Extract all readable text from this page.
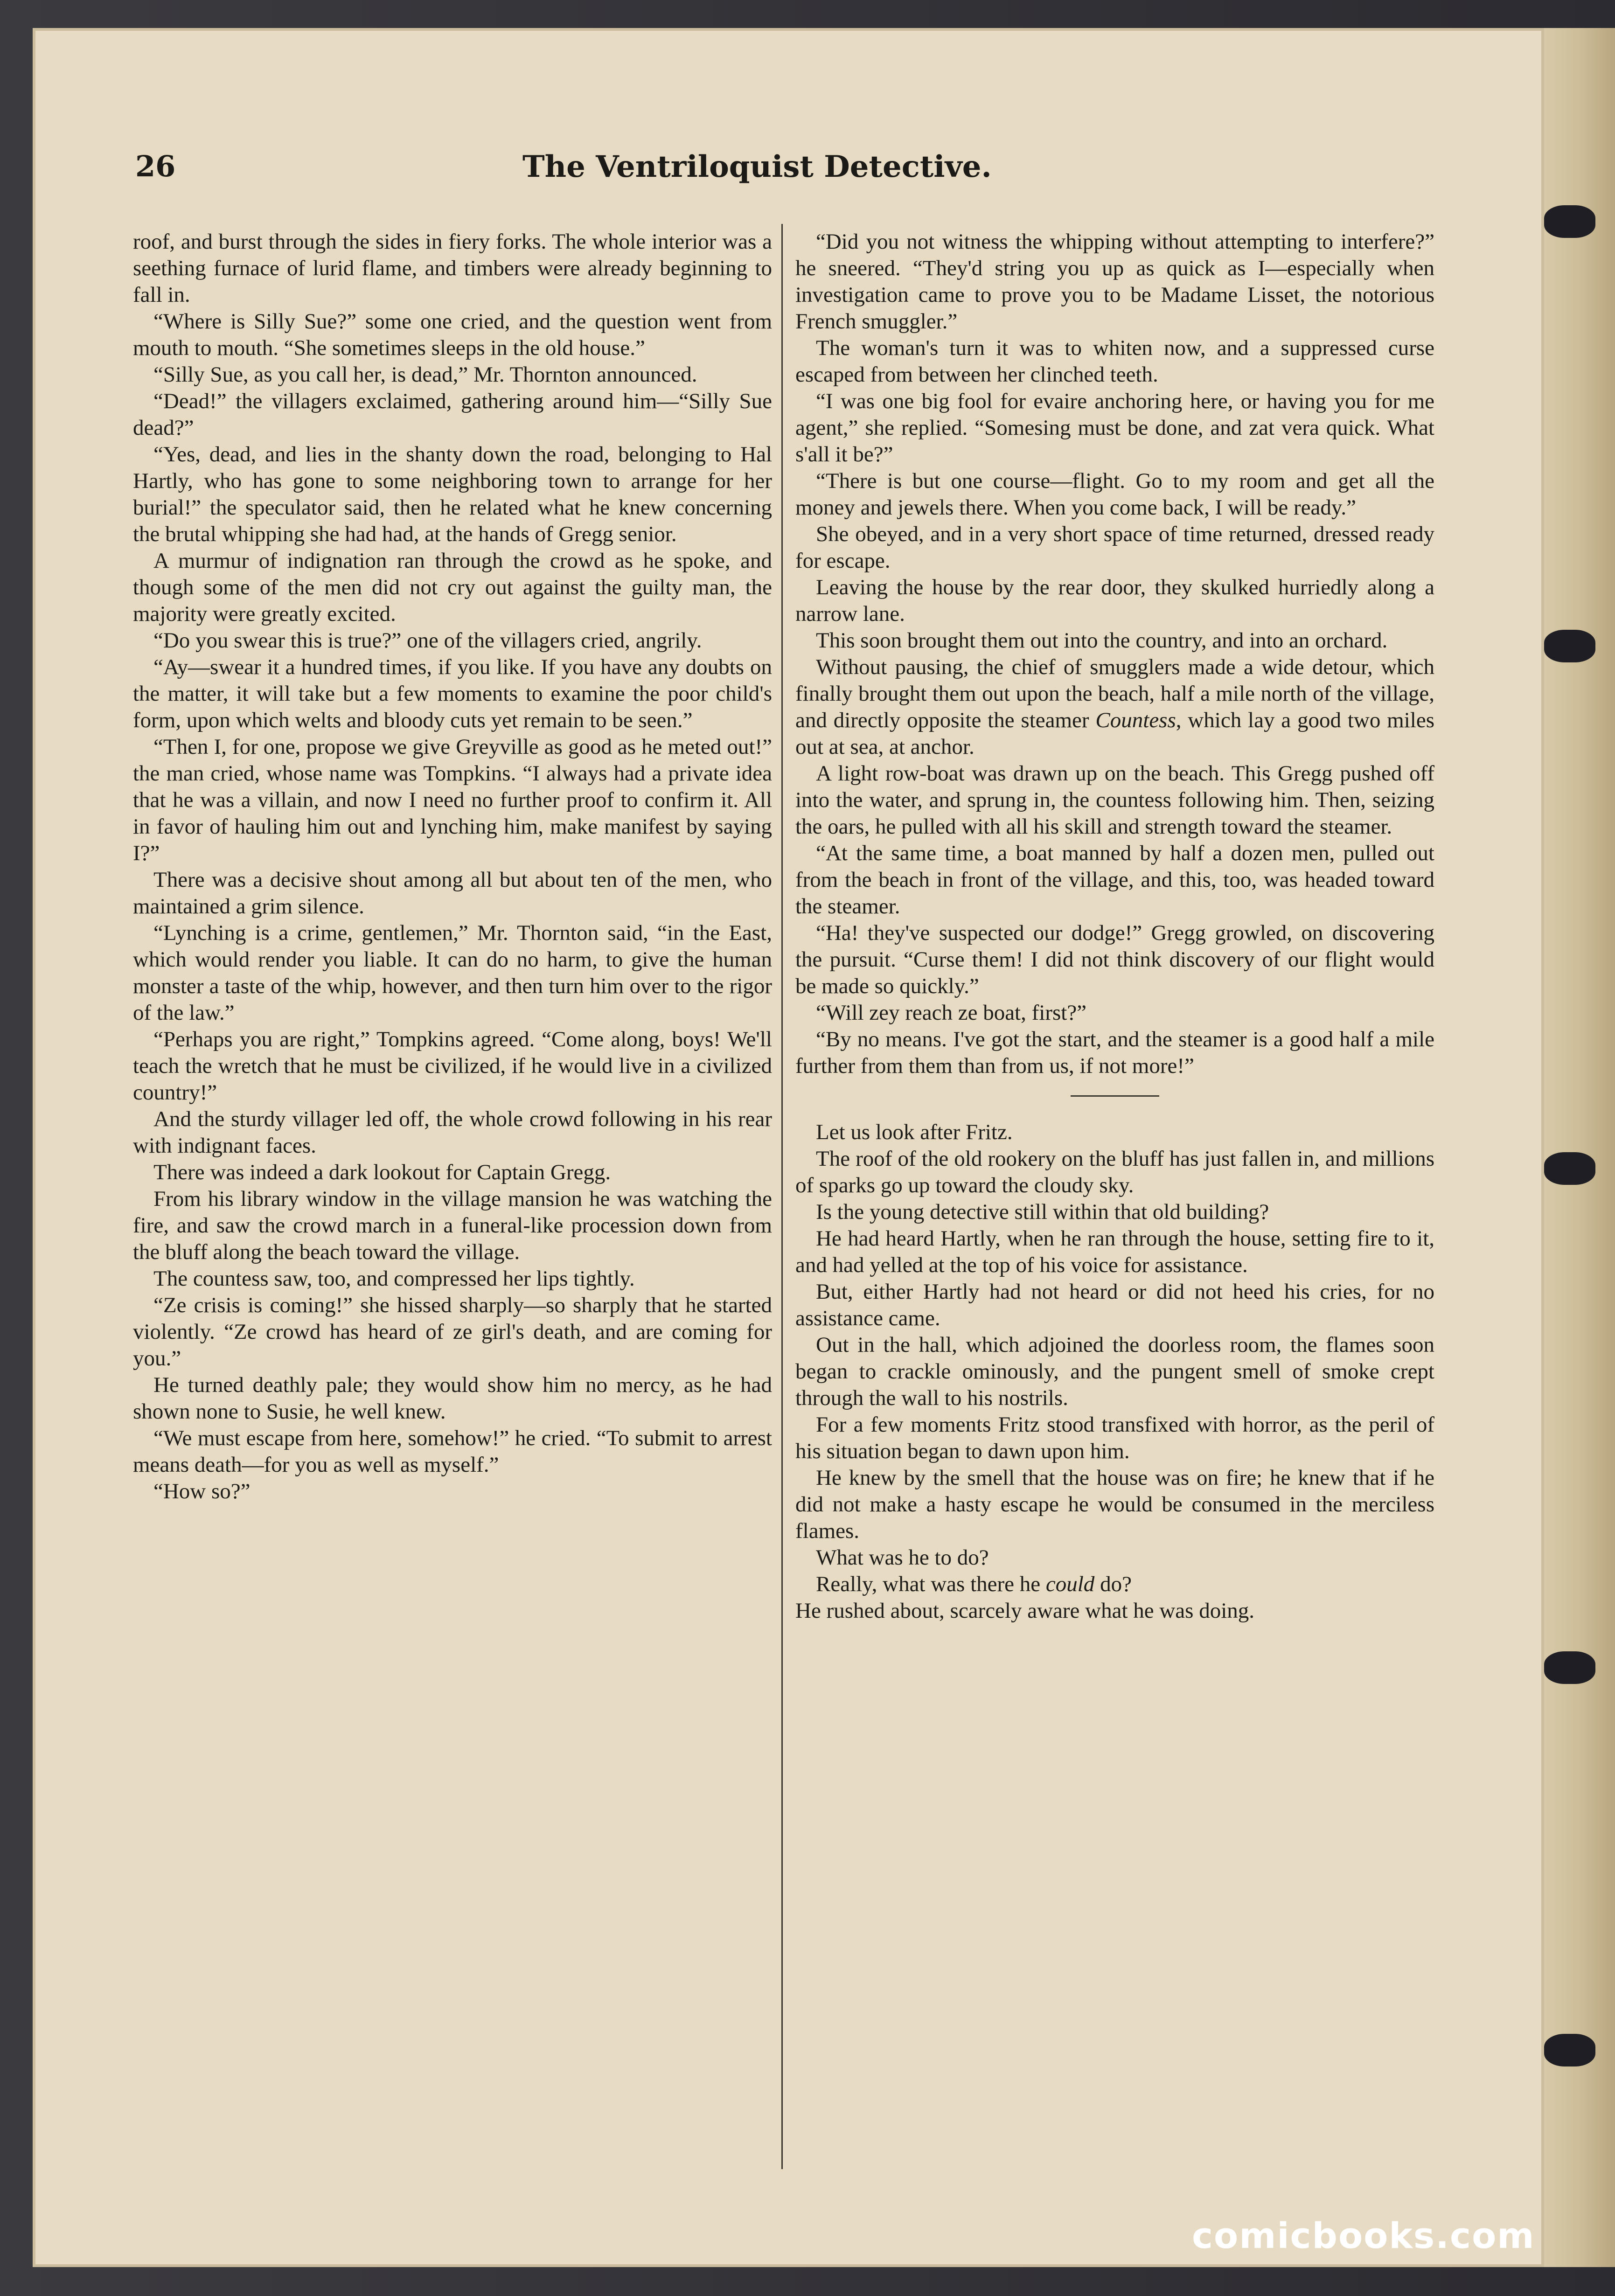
26	The Ventriloquist Detective.

roof, and burst through the sides in fiery forks. The whole interior was a seething furnace of lurid flame, and timbers were already beginning to fall in.

“Where is Silly Sue?” some one cried, and the question went from mouth to mouth. “She sometimes sleeps in the old house.”

“Silly Sue, as you call her, is dead,” Mr. Thornton announced.

“Dead!” the villagers exclaimed, gathering around him—“Silly Sue dead?”

“Yes, dead, and lies in the shanty down the road, belonging to Hal Hartly, who has gone to some neighboring town to arrange for her burial!” the speculator said, then he related what he knew concerning the brutal whipping she had had, at the hands of Gregg senior.

A murmur of indignation ran through the crowd as he spoke, and though some of the men did not cry out against the guilty man, the majority were greatly excited.

“Do you swear this is true?” one of the villagers cried, angrily.

“Ay—swear it a hundred times, if you like. If you have any doubts on the matter, it will take but a few moments to examine the poor child's form, upon which welts and bloody cuts yet remain to be seen.”

“Then I, for one, propose we give Greyville as good as he meted out!” the man cried, whose name was Tompkins. “I always had a private idea that he was a villain, and now I need no further proof to confirm it. All in favor of hauling him out and lynching him, make manifest by saying I?”

There was a decisive shout among all but about ten of the men, who maintained a grim silence.

“Lynching is a crime, gentlemen,” Mr. Thornton said, “in the East, which would render you liable. It can do no harm, to give the human monster a taste of the whip, however, and then turn him over to the rigor of the law.”

“Perhaps you are right,” Tompkins agreed. “Come along, boys! We'll teach the wretch that he must be civilized, if he would live in a civilized country!”

And the sturdy villager led off, the whole crowd following in his rear with indignant faces.

There was indeed a dark lookout for Captain Gregg.

From his library window in the village mansion he was watching the fire, and saw the crowd march in a funeral-like procession down from the bluff along the beach toward the village.

The countess saw, too, and compressed her lips tightly.

“Ze crisis is coming!” she hissed sharply—so sharply that he started violently. “Ze crowd has heard of ze girl's death, and are coming for you.”

He turned deathly pale; they would show him no mercy, as he had shown none to Susie, he well knew.

“We must escape from here, somehow!” he cried. “To submit to arrest means death—for you as well as myself.”

“How so?”

“Did you not witness the whipping without attempting to interfere?” he sneered. “They'd string you up as quick as I—especially when investigation came to prove you to be Madame Lisset, the notorious French smuggler.”

The woman's turn it was to whiten now, and a suppressed curse escaped from between her clinched teeth.

“I was one big fool for evaire anchoring here, or having you for me agent,” she replied. “Somesing must be done, and zat vera quick. What s'all it be?”

“There is but one course—flight. Go to my room and get all the money and jewels there. When you come back, I will be ready.”

She obeyed, and in a very short space of time returned, dressed ready for escape.

Leaving the house by the rear door, they skulked hurriedly along a narrow lane.

This soon brought them out into the country, and into an orchard.

Without pausing, the chief of smugglers made a wide detour, which finally brought them out upon the beach, half a mile north of the village, and directly opposite the steamer Countess, which lay a good two miles out at sea, at anchor.

A light row-boat was drawn up on the beach. This Gregg pushed off into the water, and sprung in, the countess following him. Then, seizing the oars, he pulled with all his skill and strength toward the steamer.

“At the same time, a boat manned by half a dozen men, pulled out from the beach in front of the village, and this, too, was headed toward the steamer.

“Ha! they've suspected our dodge!” Gregg growled, on discovering the pursuit. “Curse them! I did not think discovery of our flight would be made so quickly.”

“Will zey reach ze boat, first?”

“By no means. I've got the start, and the steamer is a good half a mile further from them than from us, if not more!”

Let us look after Fritz.

The roof of the old rookery on the bluff has just fallen in, and millions of sparks go up toward the cloudy sky.

Is the young detective still within that old building?

He had heard Hartly, when he ran through the house, setting fire to it, and had yelled at the top of his voice for assistance.

But, either Hartly had not heard or did not heed his cries, for no assistance came.

Out in the hall, which adjoined the doorless room, the flames soon began to crackle ominously, and the pungent smell of smoke crept through the wall to his nostrils.

For a few moments Fritz stood transfixed with horror, as the peril of his situation began to dawn upon him.

He knew by the smell that the house was on fire; he knew that if he did not make a hasty escape he would be consumed in the merciless flames.

What was he to do?

Really, what was there he could do?

He rushed about, scarcely aware what he was doing.

comicbooks.com
